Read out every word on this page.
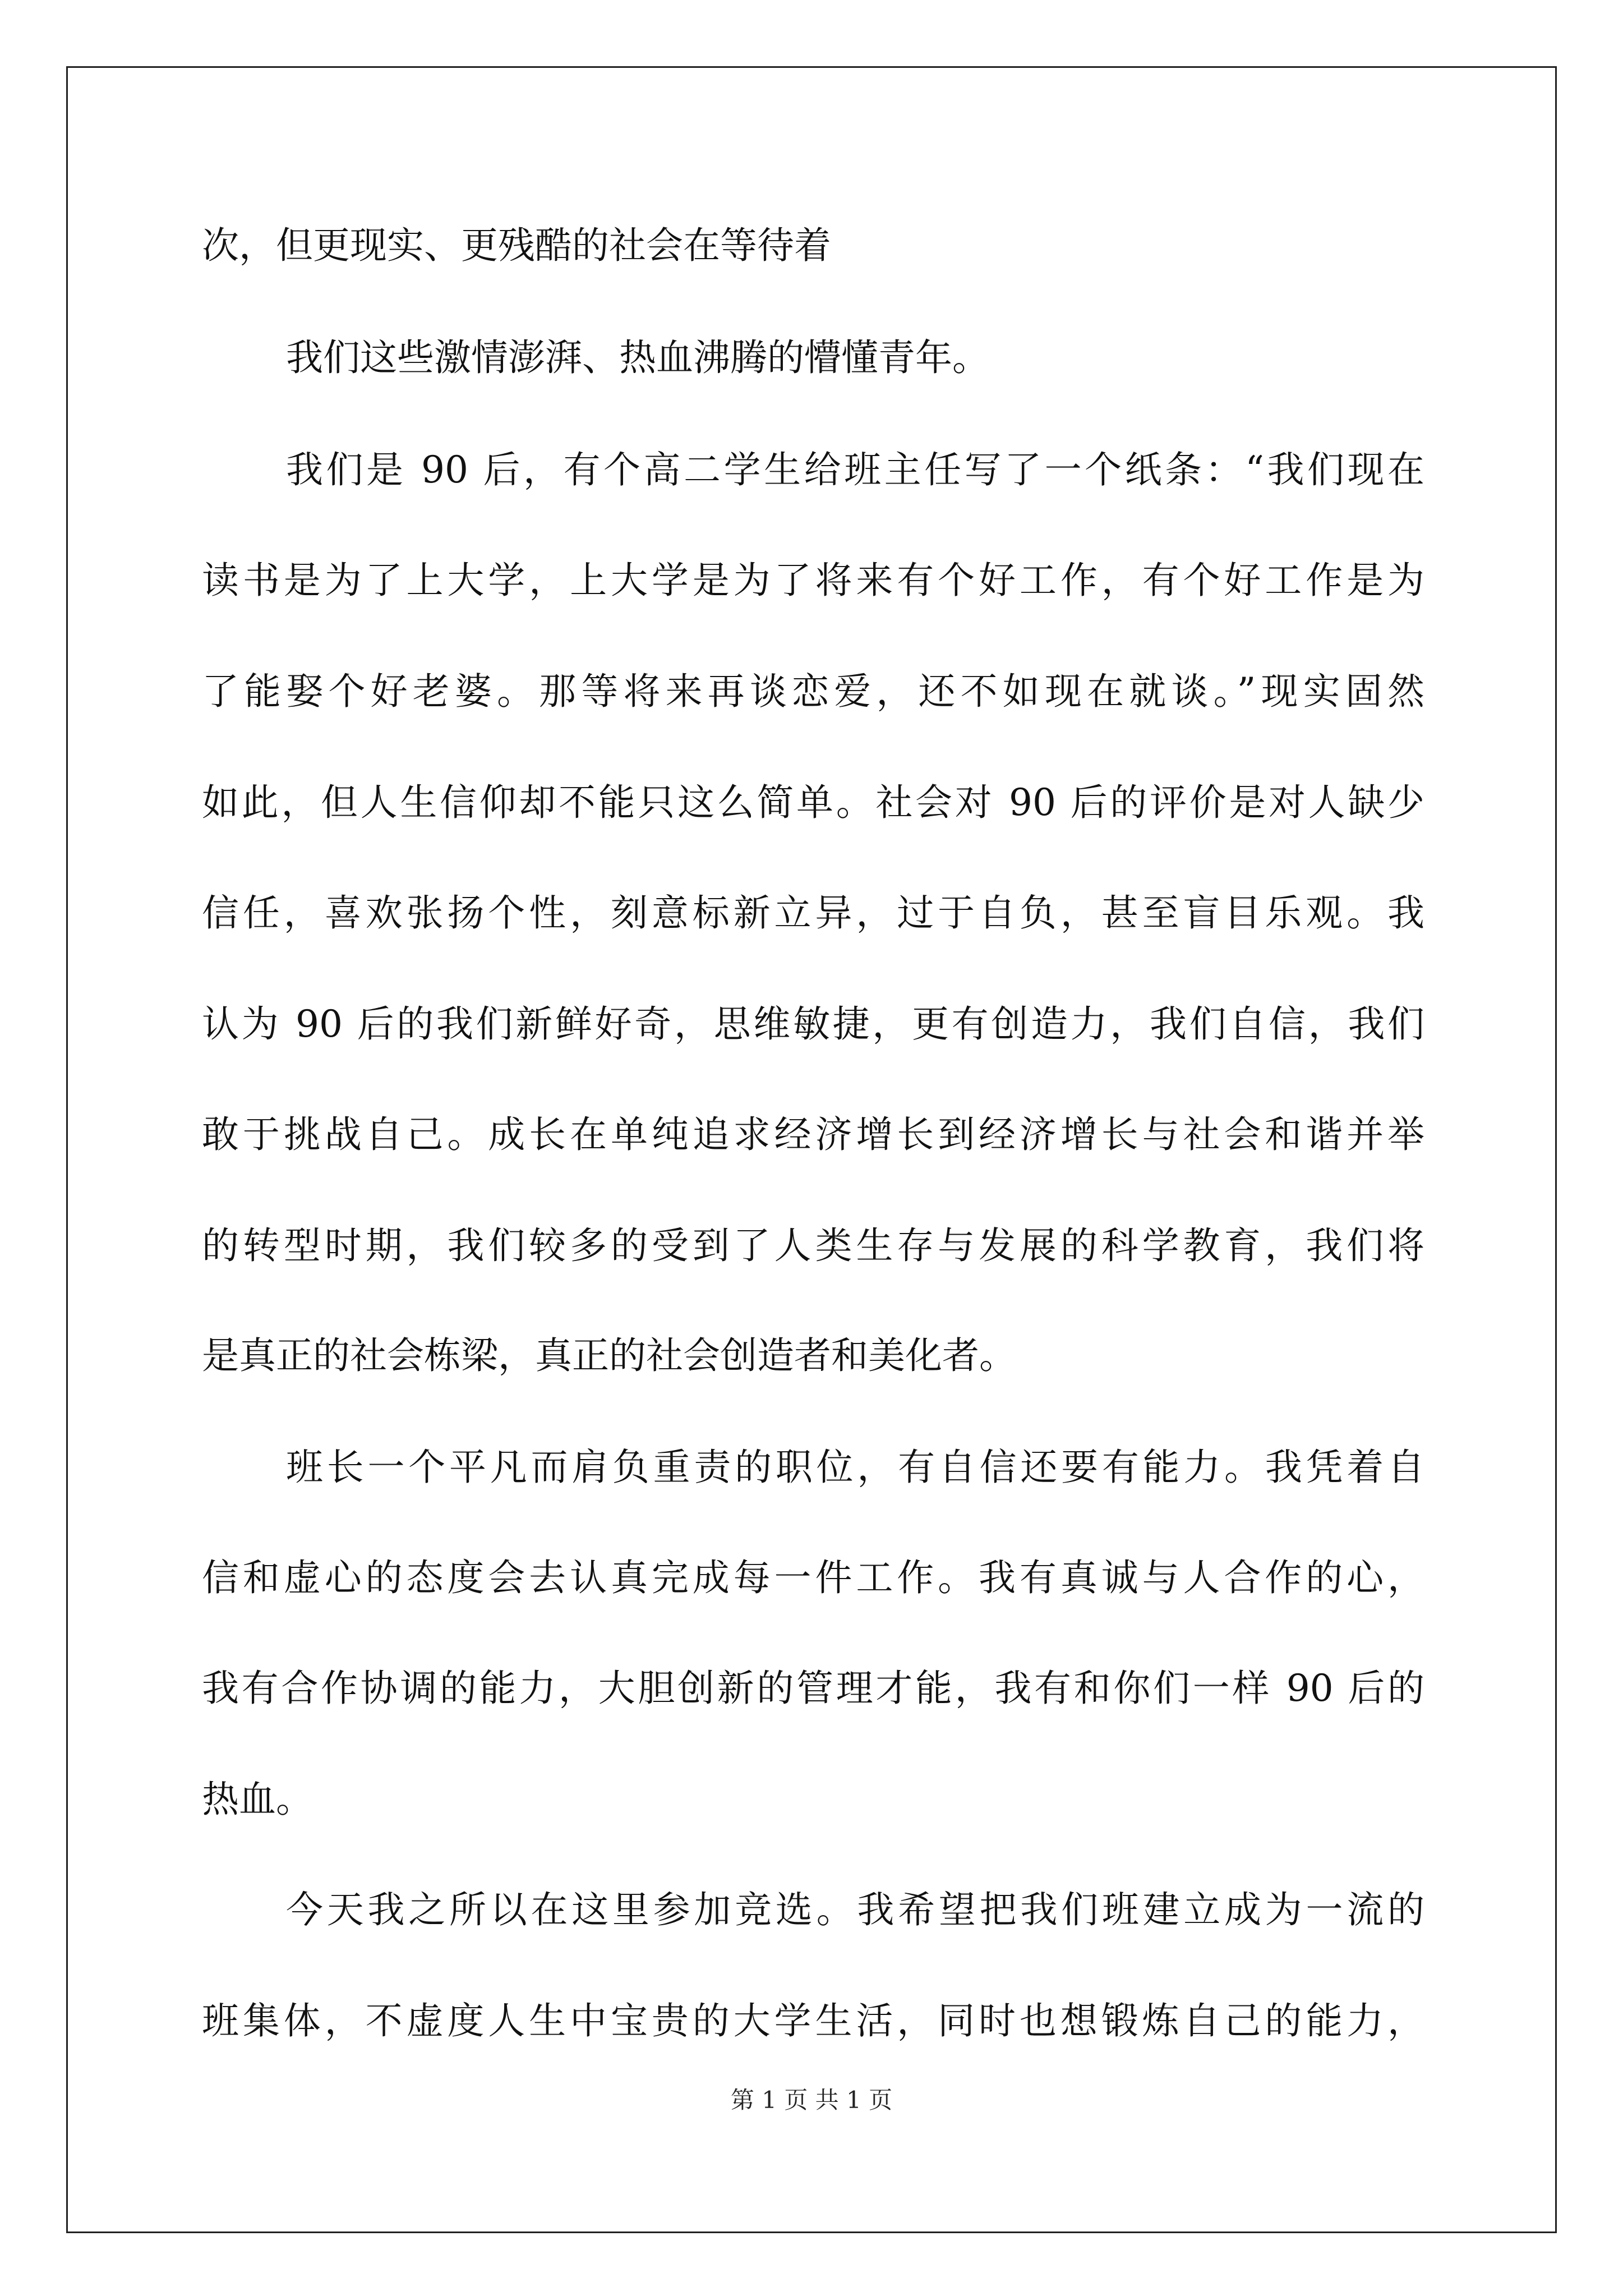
次，但更现实、更残酷的社会在等待着
我们这些激情澎湃、热血沸腾的懵懂青年。
我们是 90 后，有个高二学生给班主任写了一个纸条：“我们现在
读书是为了上大学，上大学是为了将来有个好工作，有个好工作是为
了能娶个好老婆。那等将来再谈恋爱，还不如现在就谈。”现实固然
如此，但人生信仰却不能只这么简单。社会对 90 后的评价是对人缺少
信任，喜欢张扬个性，刻意标新立异，过于自负，甚至盲目乐观。我
认为 90 后的我们新鲜好奇，思维敏捷，更有创造力，我们自信，我们
敢于挑战自己。成长在单纯追求经济增长到经济增长与社会和谐并举
的转型时期，我们较多的受到了人类生存与发展的科学教育，我们将
是真正的社会栋梁，真正的社会创造者和美化者。
班长一个平凡而肩负重责的职位，有自信还要有能力。我凭着自
信和虚心的态度会去认真完成每一件工作。我有真诚与人合作的心，
我有合作协调的能力，大胆创新的管理才能，我有和你们一样 90 后的
热血。
今天我之所以在这里参加竞选。我希望把我们班建立成为一流的
班集体，不虚度人生中宝贵的大学生活，同时也想锻炼自己的能力，
第 1 页 共 1 页
